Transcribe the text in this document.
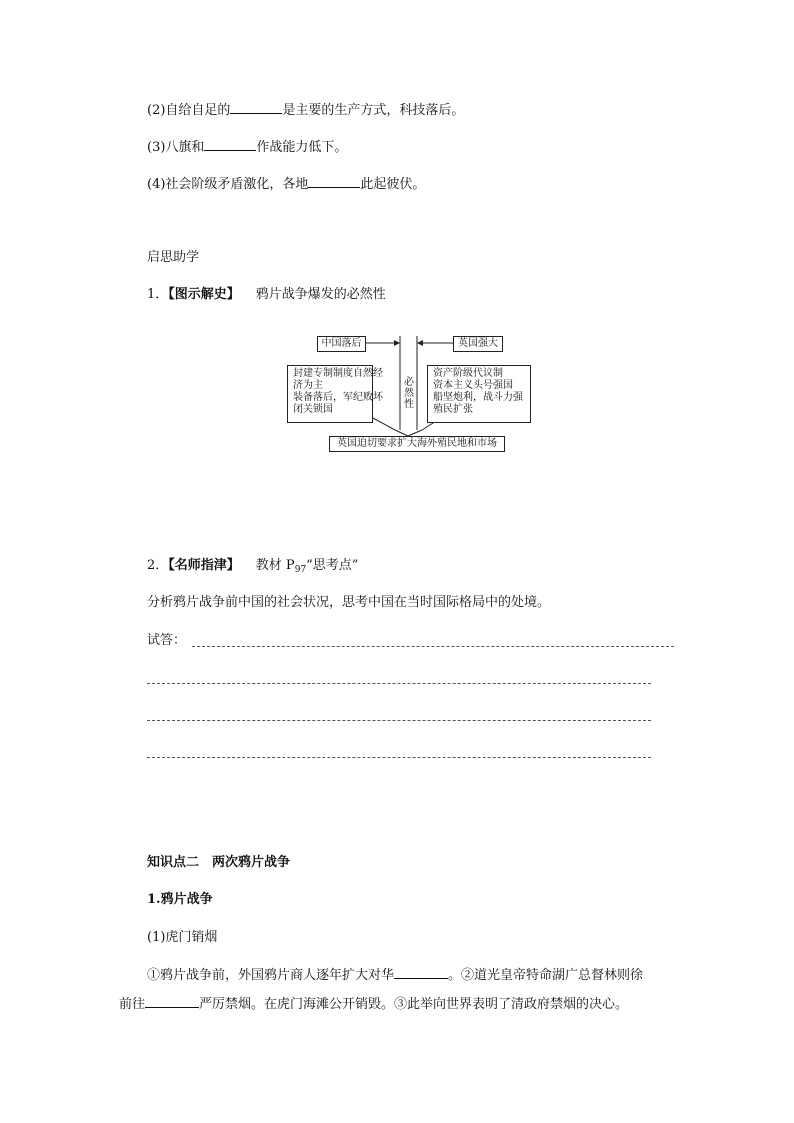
(2)自给自足的	是主要的生产方式，科技落后。
(3)八旗和	作战能力低下。
(4)社会阶级矛盾激化，各地	此起彼伏。
启思助学
1．【图示解史】 鸦片战争爆发的必然性
中国落后	英国强大
封建专制制度自然经
济为主
装备落后，军纪败坏
闭关锁国
资产阶级代议制
资本主义头号强国
船坚炮利，战斗力强
殖民扩张
必
然
性
英国迫切要求扩大海外殖民地和市场
2．【名师指津】 教材 $P_{97}“$思考点”
分析鸦片战争前中国的社会状况，思考中国在当时国际格局中的处境。
试答：
知识点二　两次鸦片战争
1.鸦片战争
(1)虎门销烟
①鸦片战争前，外国鸦片商人逐年扩大对华	。②道光皇帝特命湖广总督林则徐
前往	严厉禁烟。在虎门海滩公开销毁。③此举向世界表明了清政府禁烟的决心。
